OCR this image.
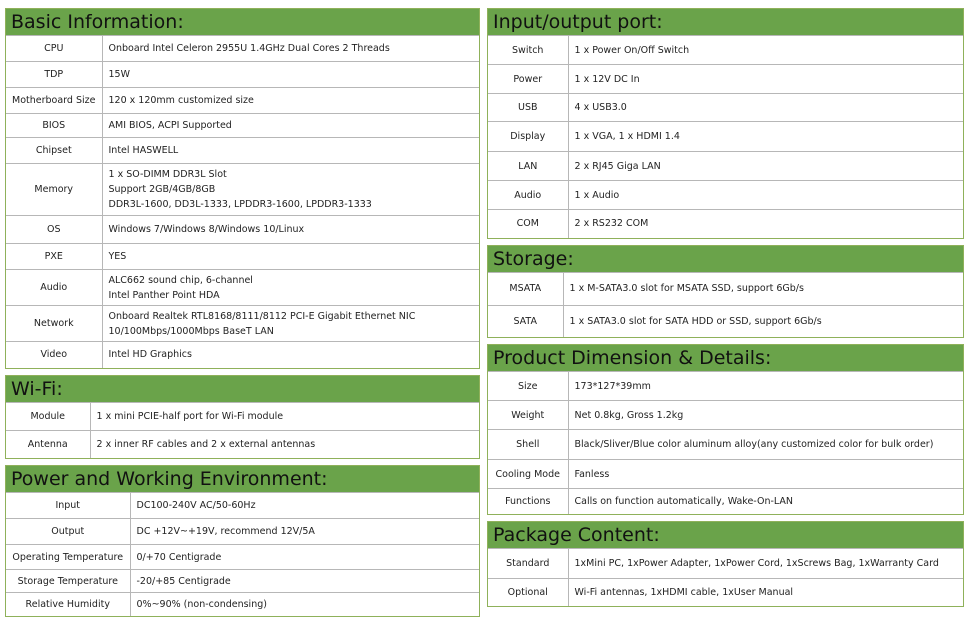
Basic Information:
CPU	Onboard Intel Celeron 2955U 1.4GHz Dual Cores 2 Threads

TDP	15W

Motherboard Size	120 x 120mm customized size

BIOS	AMI BIOS, ACPI Supported

Chipset	Intel HASWELL

Memory	1 x SO-DIMM DDR3L Slot
Support 2GB/4GB/8GB
DDR3L-1600, DD3L-1333, LPDDR3-1600, LPDDR3-1333

OS	Windows 7/Windows 8/Windows 10/Linux

PXE	YES

Audio	ALC662 sound chip, 6-channel
Intel Panther Point HDA

Network	Onboard Realtek RTL8168/8111/8112 PCI-E Gigabit Ethernet NIC
10/100Mbps/1000Mbps BaseT LAN

Video	Intel HD Graphics
Wi-Fi:
Module	1 x mini PCIE-half port for Wi-Fi module

Antenna	2 x inner RF cables and 2 x external antennas
Power and Working Environment:
Input	DC100-240V AC/50-60Hz

Output	DC +12V~+19V, recommend 12V/5A

Operating Temperature	0/+70 Centigrade

Storage Temperature	-20/+85 Centigrade

Relative Humidity	0%~90% (non-condensing)
Input/output port:
Switch	1 x Power On/Off Switch

Power	1 x 12V DC In

USB	4 x USB3.0

Display	1 x VGA, 1 x HDMI 1.4

LAN	2 x RJ45 Giga LAN

Audio	1 x Audio

COM	2 x RS232 COM
Storage:
MSATA	1 x M-SATA3.0 slot for MSATA SSD, support 6Gb/s

SATA	1 x SATA3.0 slot for SATA HDD or SSD, support 6Gb/s
Product Dimension & Details:
Size	173*127*39mm

Weight	Net 0.8kg, Gross 1.2kg

Shell	Black/Sliver/Blue color aluminum alloy(any customized color for bulk order)

Cooling Mode	Fanless

Functions	Calls on function automatically, Wake-On-LAN
Package Content:
Standard	1xMini PC, 1xPower Adapter, 1xPower Cord, 1xScrews Bag, 1xWarranty Card

Optional	Wi-Fi antennas, 1xHDMI cable, 1xUser Manual
